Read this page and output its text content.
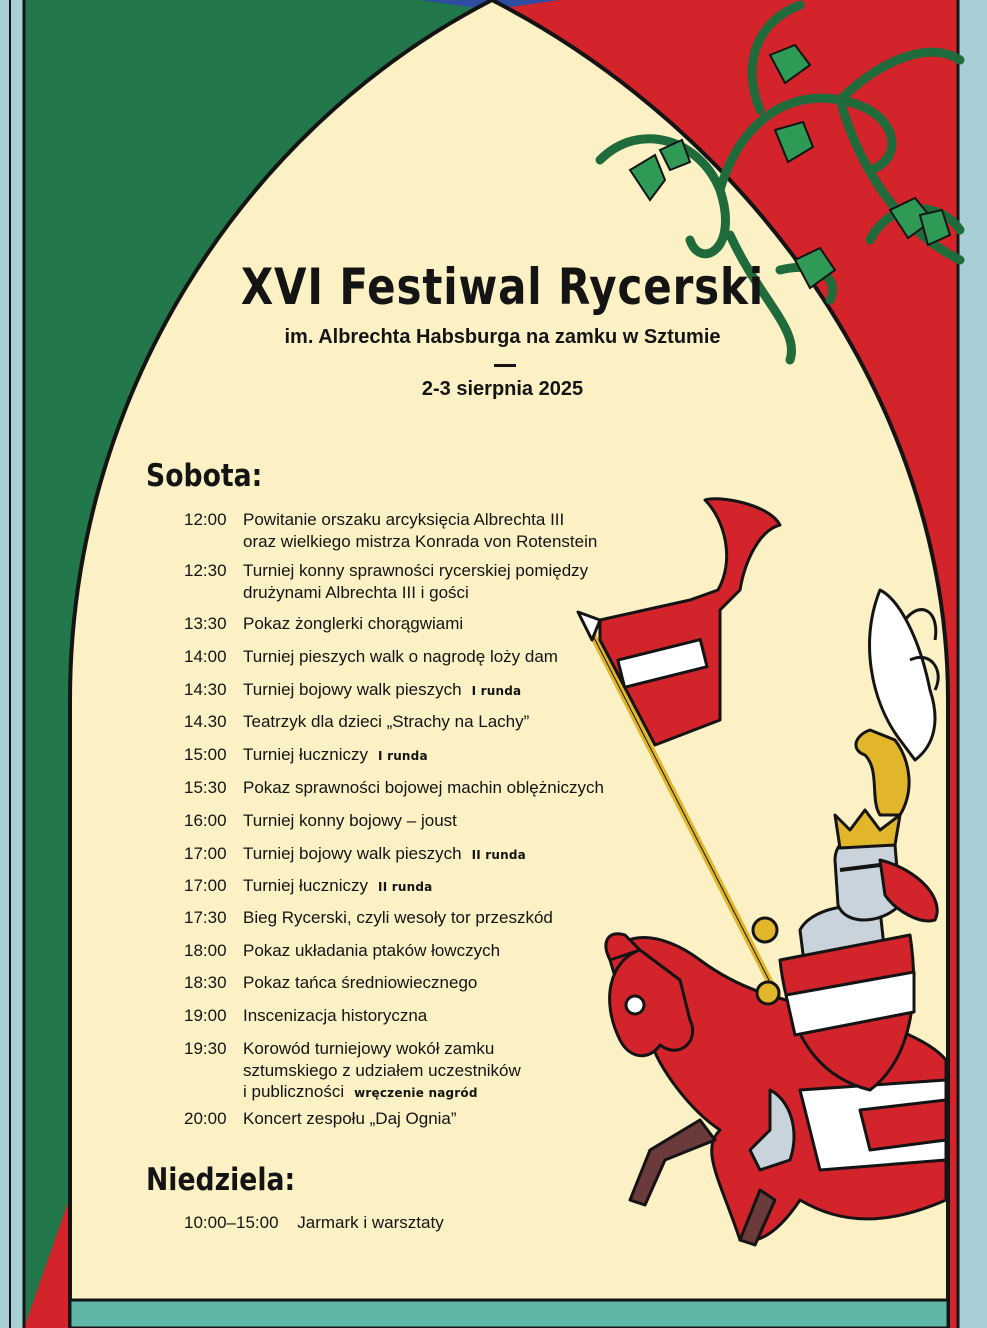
XVI Festiwal Rycerski
im. Albrechta Habsburga na zamku w Sztumie
2-3 sierpnia 2025
Sobota:
12:00 Powitanie orszaku arcyksięcia Albrechta III
oraz wielkiego mistrza Konrada von Rotenstein
12:30 Turniej konny sprawności rycerskiej pomiędzy
drużynami Albrechta III i gości
13:30 Pokaz żonglerki chorągwiami
14:00 Turniej pieszych walk o nagrodę loży dam
14:30 Turniej bojowy walk pieszych I runda
14.30 Teatrzyk dla dzieci „Strachy na Lachy”
15:00 Turniej łuczniczy I runda
15:30 Pokaz sprawności bojowej machin oblężniczych
16:00 Turniej konny bojowy – joust
17:00 Turniej bojowy walk pieszych II runda
17:00 Turniej łuczniczy II runda
17:30 Bieg Rycerski, czyli wesoły tor przeszkód
18:00 Pokaz układania ptaków łowczych
18:30 Pokaz tańca średniowiecznego
19:00 Inscenizacja historyczna
19:30 Korowód turniejowy wokół zamku
sztumskiego z udziałem uczestników
i publiczności wręczenie nagród
20:00 Koncert zespołu „Daj Ognia”
Niedziela:
10:00–15:00 Jarmark i warsztaty
